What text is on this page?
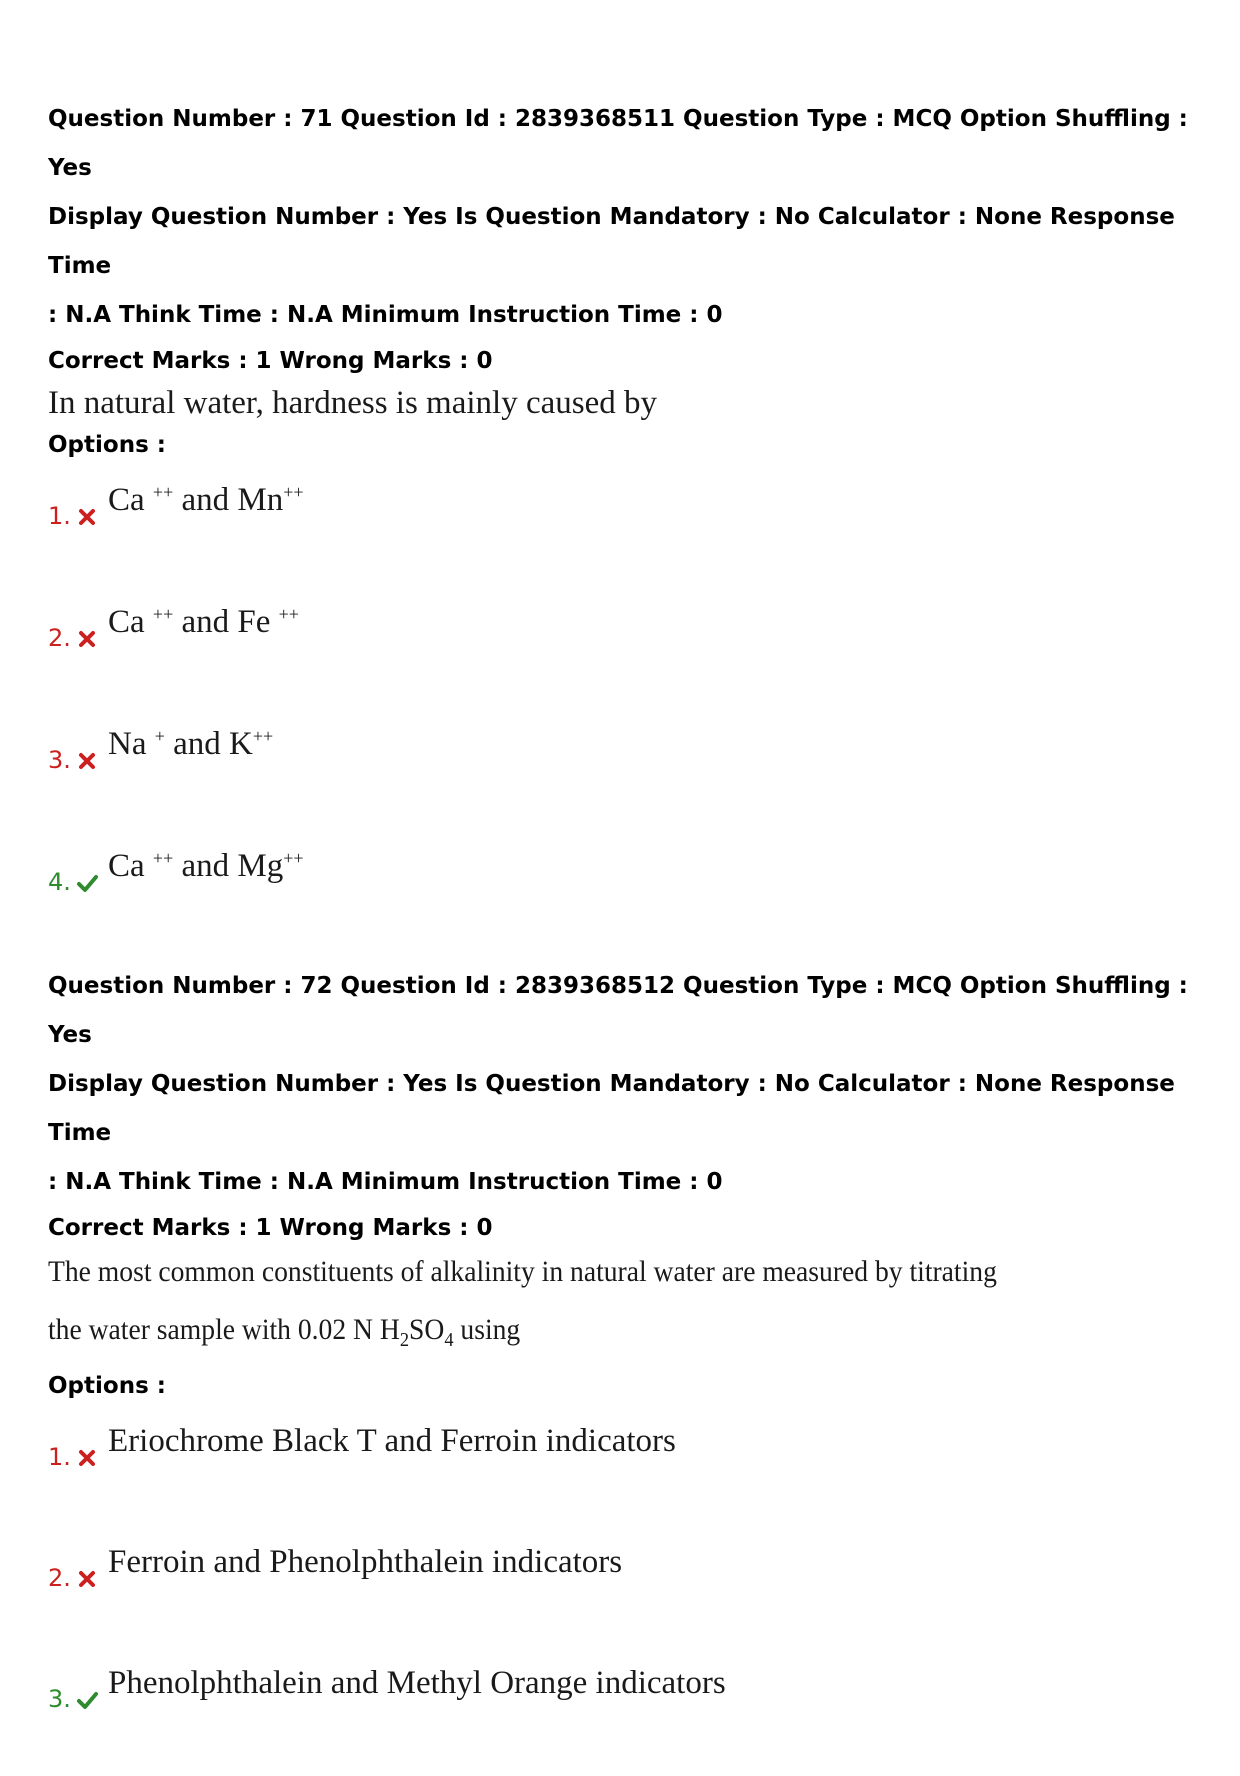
Question Number : 71 Question Id : 2839368511 Question Type : MCQ Option Shuffling : Yes
Display Question Number : Yes Is Question Mandatory : No Calculator : None Response Time
: N.A Think Time : N.A Minimum Instruction Time : 0
Correct Marks : 1 Wrong Marks : 0
In natural water, hardness is mainly caused by
Options :
1. Ca ++ and Mn++
2. Ca ++ and Fe ++
3. Na + and K++
4. Ca ++ and Mg++
Question Number : 72 Question Id : 2839368512 Question Type : MCQ Option Shuffling : Yes
Display Question Number : Yes Is Question Mandatory : No Calculator : None Response Time
: N.A Think Time : N.A Minimum Instruction Time : 0
Correct Marks : 1 Wrong Marks : 0
The most common constituents of alkalinity in natural water are measured by titrating
the water sample with 0.02 N $H_2SO_4$ using
Options :
1. Eriochrome Black T and Ferroin indicators
2. Ferroin and Phenolphthalein indicators
3. Phenolphthalein and Methyl Orange indicators
